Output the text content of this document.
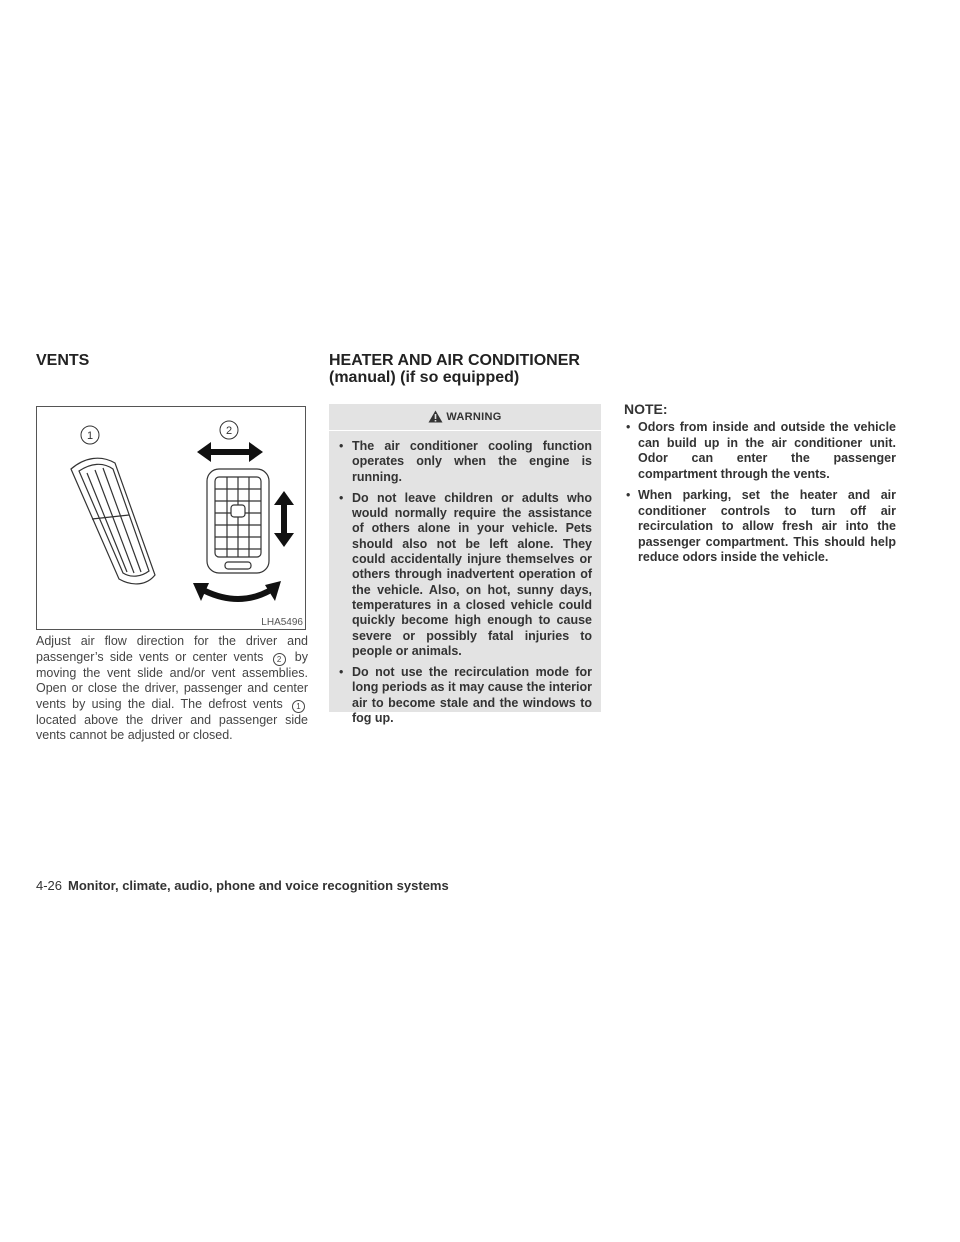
VENTS	HEATER AND AIR CONDITIONER
(manual) (if so equipped)
1	2
LHA5496
Adjust air flow direction for the driver and passenger’s side vents or center vents 2 by moving the vent slide and/or vent assemblies. Open or close the driver, passenger and center vents by using the dial. The defrost vents 1 located above the driver and passenger side vents cannot be adjusted or closed.
WARNING
• The air conditioner cooling function operates only when the engine is running.
• Do not leave children or adults who would normally require the assistance of others alone in your vehicle. Pets should also not be left alone. They could accidentally injure themselves or others through inadvertent operation of the vehicle. Also, on hot, sunny days, temperatures in a closed vehicle could quickly become high enough to cause severe or possibly fatal injuries to people or animals.
• Do not use the recirculation mode for long periods as it may cause the interior air to become stale and the windows to fog up.
NOTE:
• Odors from inside and outside the vehicle can build up in the air conditioner unit. Odor can enter the passenger compartment through the vents.
• When parking, set the heater and air conditioner controls to turn off air recirculation to allow fresh air into the passenger compartment. This should help reduce odors inside the vehicle.
4-26 Monitor, climate, audio, phone and voice recognition systems
